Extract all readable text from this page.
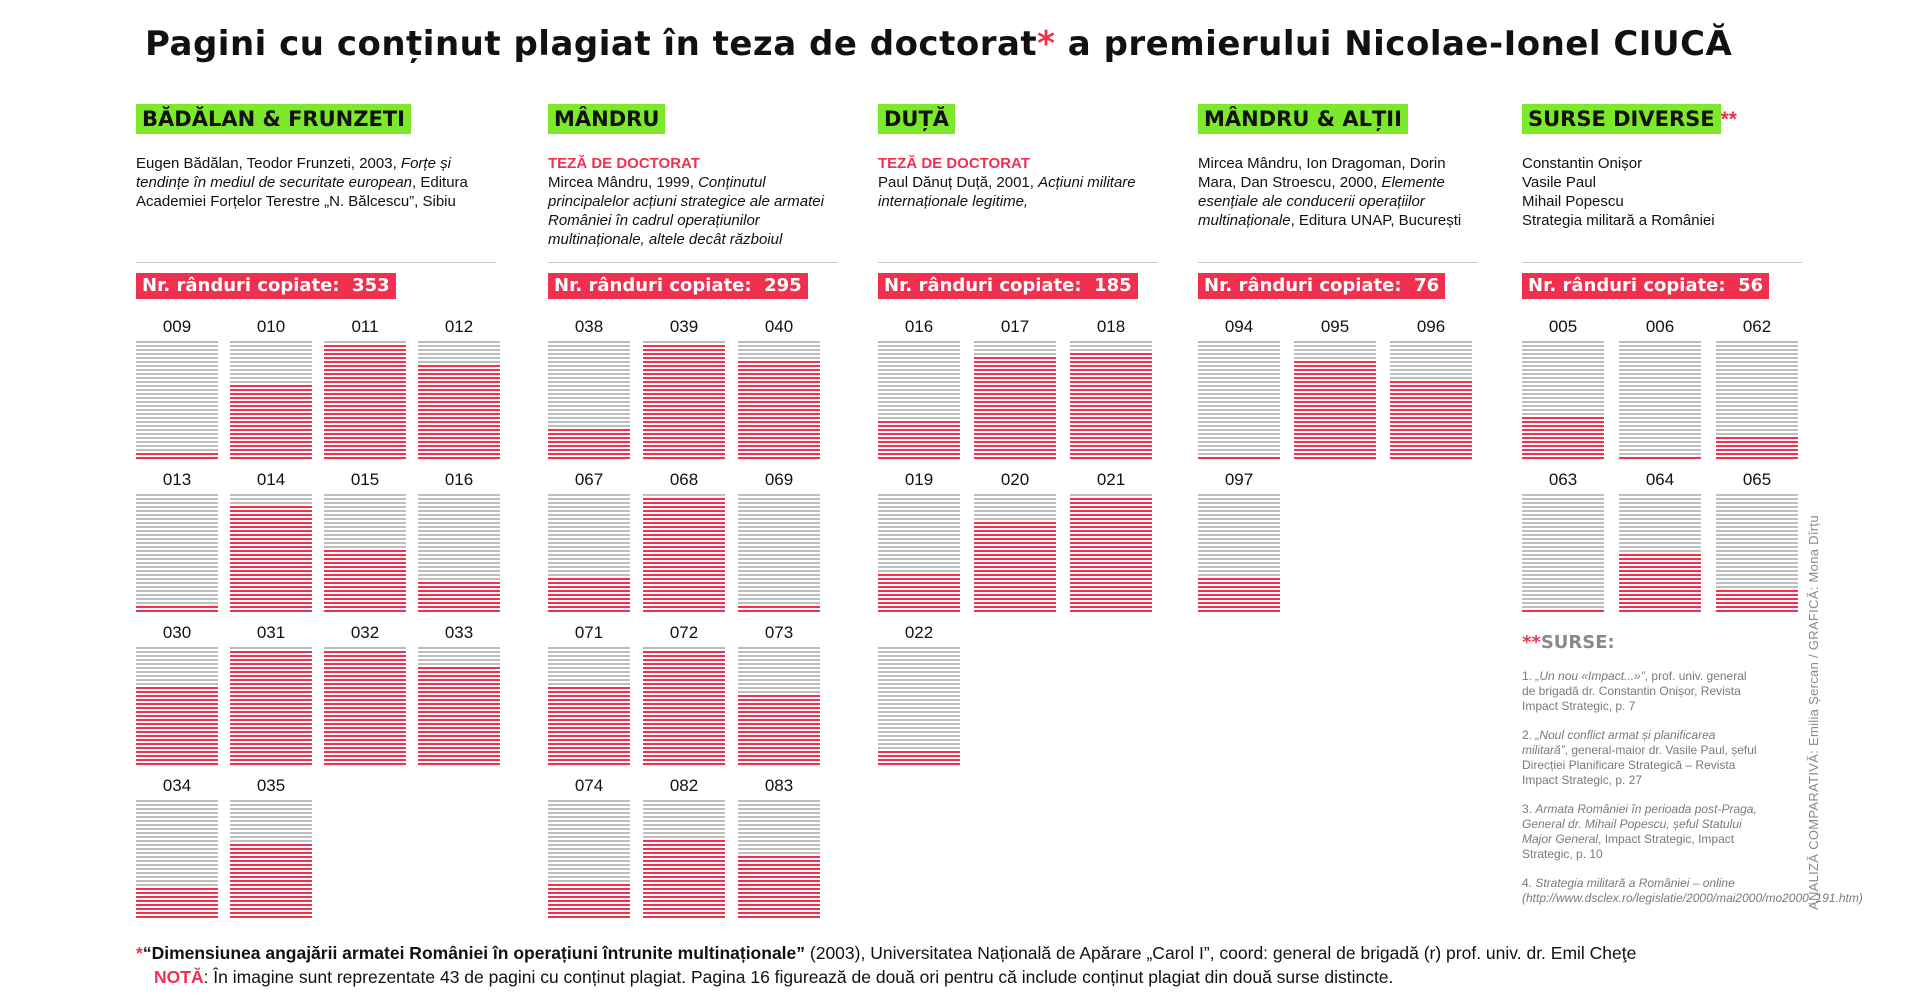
Pagini cu conținut plagiat în teza de doctorat* a premierului Nicolae-Ionel CIUCĂ
BĂDĂLAN & FRUNZETI
Eugen Bădălan, Teodor Frunzeti, 2003, Forțe și tendințe în mediul de securitate european, Editura Academiei Forțelor Terestre „N. Bălcescu”, Sibiu
Nr. rânduri copiate: 353
009	010	011	012
013	014	015	016
030	031	032	033
034	035
MÂNDRU
TEZĂ DE DOCTORAT
Mircea Mândru, 1999, Conținutul principalelor acțiuni strategice ale armatei României în cadrul operațiunilor multinaționale, altele decât războiul
Nr. rânduri copiate: 295
038	039	040
067	068	069
071	072	073
074	082	083
DUȚĂ
TEZĂ DE DOCTORAT
Paul Dănuț Duță, 2001, Acțiuni militare internaționale legitime,
Nr. rânduri copiate: 185
016	017	018
019	020	021
022
MÂNDRU & ALȚII
Mircea Mândru, Ion Dragoman, Dorin Mara, Dan Stroescu, 2000, Elemente esențiale ale conducerii operațiilor multinaționale, Editura UNAP, București
Nr. rânduri copiate: 76
094	095	096
097
SURSE DIVERSE **
Constantin Onișor
Vasile Paul
Mihail Popescu
Strategia militară a României
Nr. rânduri copiate: 56
005	006	062
063	064	065
**SURSE:
1. „Un nou «Impact...»”, prof. univ. general de brigadă dr. Constantin Onișor, Revista Impact Strategic, p. 7
2. „Noul conflict armat și planificarea militară”, general-maior dr. Vasile Paul, șeful Direcției Planificare Strategică – Revista Impact Strategic, p. 27
3. Armata României în perioada post-Praga, General dr. Mihail Popescu, șeful Statului Major General, Impact Strategic, Impact Strategic, p. 10
4. Strategia militară a României – online (http://www.dsclex.ro/legislatie/2000/mai2000/mo2000_191.htm)
ANALIZĂ COMPARATIVĂ: Emilia Șercan / GRAFICĂ: Mona Dîrțu
*“Dimensiunea angajării armatei României în operațiuni întrunite multinaționale” (2003), Universitatea Națională de Apărare „Carol I”, coord: general de brigadă (r) prof. univ. dr. Emil Cheţe
NOTĂ: În imagine sunt reprezentate 43 de pagini cu conținut plagiat. Pagina 16 figurează de două ori pentru că include conținut plagiat din două surse distincte.
